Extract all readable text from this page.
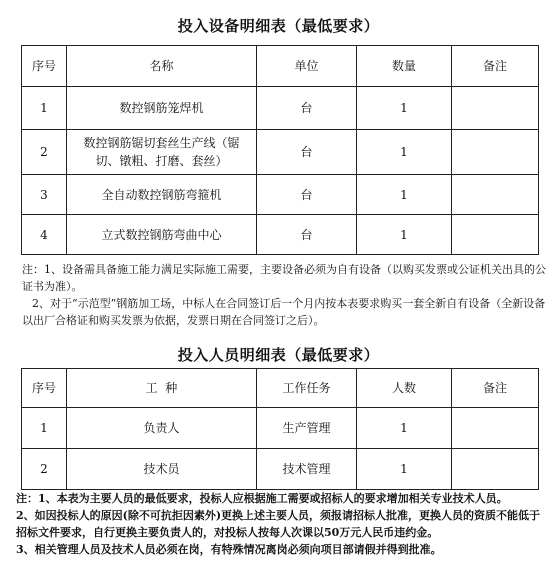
投入设备明细表（最低要求）
序号	名称	单位	数量	备注
1	数控钢筋笼焊机	台	1	
2	数控钢筋锯切套丝生产线（锯切、镦粗、打磨、套丝）	台	1	
3	全自动数控钢筋弯箍机	台	1	
4	立式数控钢筋弯曲中心	台	1	

注：1、设备需具备施工能力满足实际施工需要，主要设备必须为自有设备（以购买发票或公证机关出具的公证书为准）。

2、对于“示范型”钢筋加工场，中标人在合同签订后一个月内按本表要求购买一套全新自有设备（全新设备以出厂合格证和购买发票为依据，发票日期在合同签订之后）。

投入人员明细表（最低要求）
序号	工  种	工作任务	人数	备注
1	负责人	生产管理	1	
2	技术员	技术管理	1	

注：1、本表为主要人员的最低要求，投标人应根据施工需要或招标人的要求增加相关专业技术人员。

2、如因投标人的原因(除不可抗拒因素外)更换上述主要人员，须报请招标人批准，更换人员的资质不能低于招标文件要求，自行更换主要负责人的，对投标人按每人次课以50万元人民币违约金。

3、相关管理人员及技术人员必须在岗，有特殊情况离岗必须向项目部请假并得到批准。
